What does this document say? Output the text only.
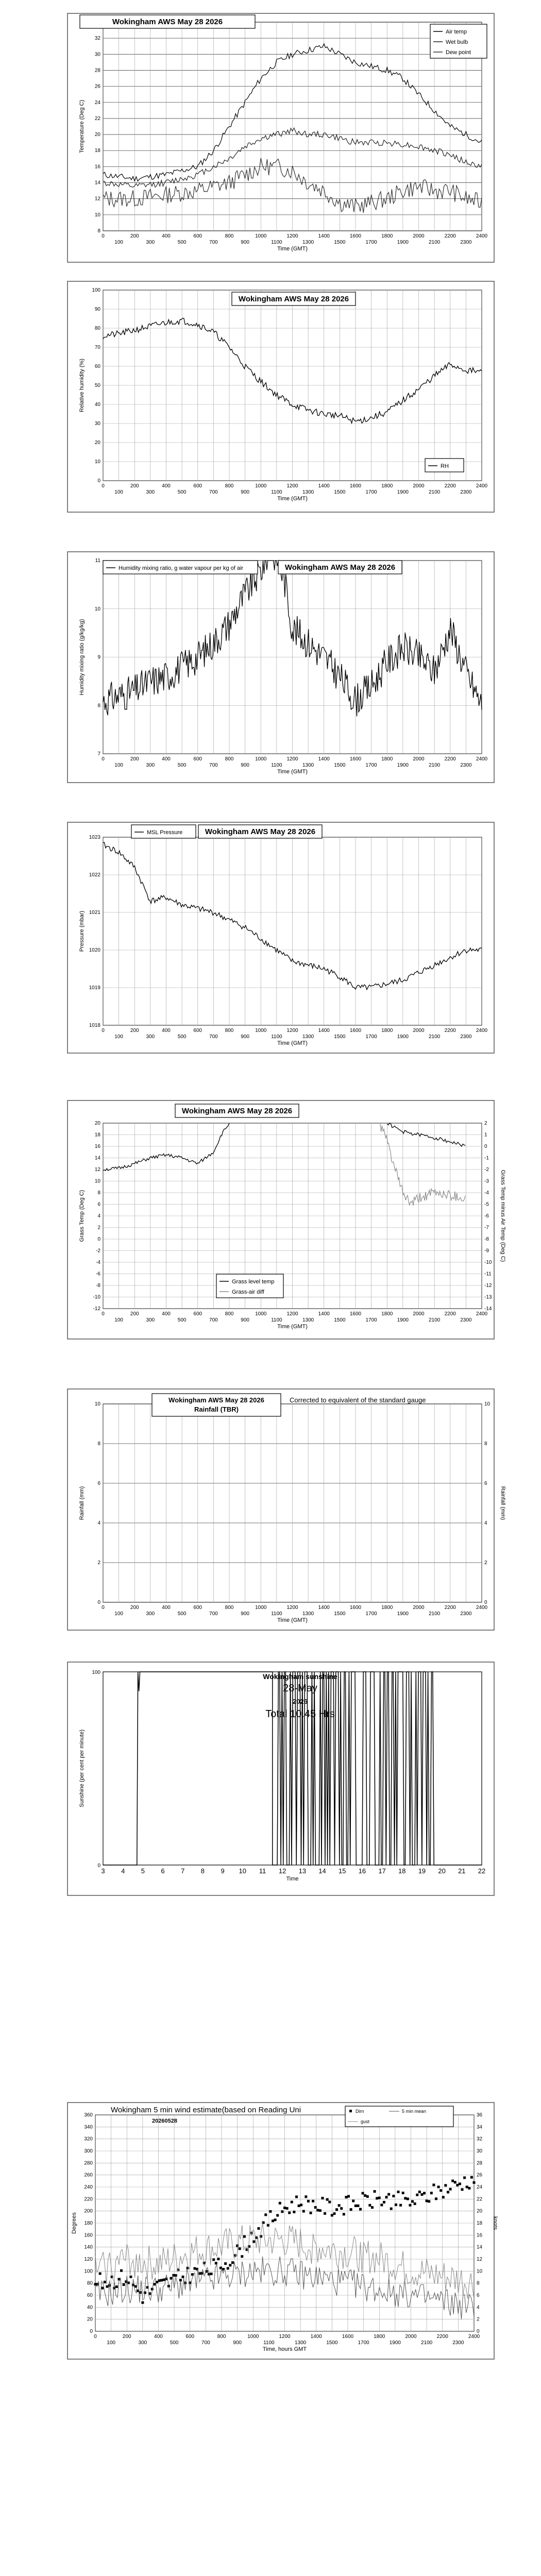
8
10
12
14
16
18
20
22
24
26
28
30
32
0	200	400	600	800	1000	1200	1400	1600	1800	2000	2200	2400
100	300	500	700	900	1100	1300	1500	1700	1900	2100	2300
Time (GMT)
Temperature (Deg C)
Wokingham AWS May 28 2026
Air temp
Wet bulb
Dew point
0
10
20
30
40
50
60
70
80
90
100
0	200	400	600	800	1000	1200	1400	1600	1800	2000	2200	2400
100	300	500	700	900	1100	1300	1500	1700	1900	2100	2300
Time (GMT)
Relative humidity (%)
Wokingham AWS May 28 2026
RH
7
8
9
10
11
0	200	400	600	800	1000	1200	1400	1600	1800	2000	2200	2400
100	300	500	700	900	1100	1300	1500	1700	1900	2100	2300
Time (GMT)
Humidity mixing ratio (g/kg/kg)
Humidity mixing ratio, g water vapour per kg of air	Wokingham AWS May 28 2026
1018
1019
1020
1021
1022
1023
0	200	400	600	800	1000	1200	1400	1600	1800	2000	2200	2400
100	300	500	700	900	1100	1300	1500	1700	1900	2100	2300
Time (GMT)
Pressure (mbar)
MSL Pressure	Wokingham AWS May 28 2026
-12
-10
-8
-6
-4
-2
0
2
4
6
8
10
12
14
16
18
20
-14
-13
-12
-11
-10
-9
-8
-7
-6
-5
-4
-3
-2
-1
0
1
2
0	200	400	600	800	1000	1200	1400	1600	1800	2000	2200	2400
100	300	500	700	900	1100	1300	1500	1700	1900	2100	2300
Time (GMT)
Grass Temp (Deg C)	Grass Temp minus Air Temp (Deg C)
Wokingham AWS May 28 2026
Grass level temp
Grass-air diff
0
2
4
6
8
10
0	200	400	600	800	1000	1200	1400	1600	1800	2000	2200	2400
100	300	500	700	900	1100	1300	1500	1700	1900	2100	2300
Time (GMT)
Rainfall (mm)	Rainfall (mm)
Wokingham AWS May 28 2026
Rainfall (TBR)
Corrected to equivalent of the standard gauge
0
2
4
6
8
10
3 4 5 6 7 8 9 10 11 12 13 14 15 16 17 18 19 20 21 22
0
100
Time
Sunshine (per cent per minute)
Wokingham sunshine
28-May
2026
Total 10.45 Hrs
0
20
40
60
80
100
120
140
160
180
200
220
240
260
280
300
320
340
360
0
2
4
6
8
10
12
14
16
18
20
22
24
26
28
30
32
34
36
0	200	400	600	800	1000	1200	1400	1600	1800	2000	2200	2400
100	300	500	700	900	1100	1300	1500	1700	1900	2100	2300
Time, hours GMT
Degrees	knots
Wokingham 5 min wind estimate(based on Reading Uni
20260528
Dirn	5 min mean
gust
